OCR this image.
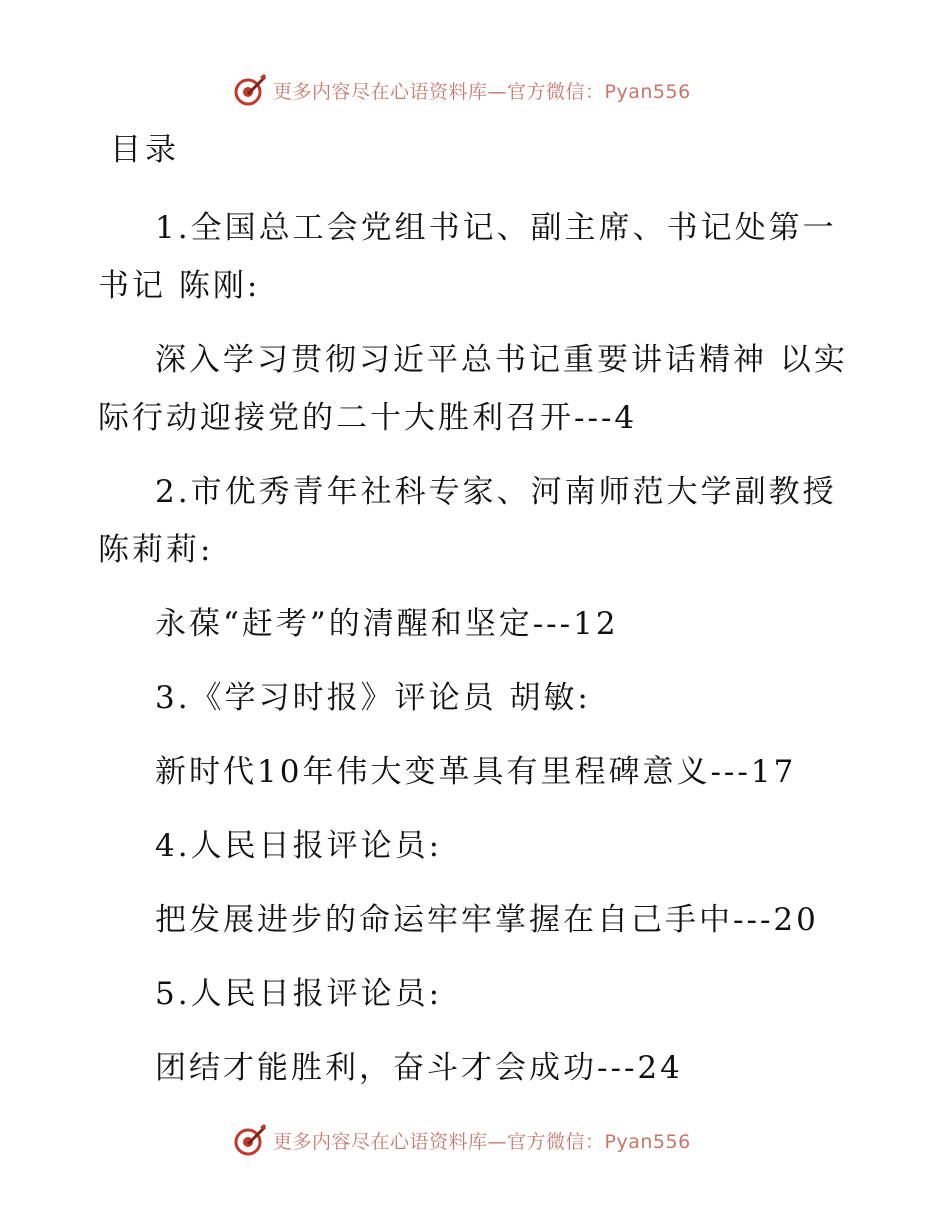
更多内容尽在心语资料库—官方微信：Pyan556
目录

1.全国总工会党组书记、副主席、书记处第一

书记 陈刚:

深入学习贯彻习近平总书记重要讲话精神 以实

际行动迎接党的二十大胜利召开---4

2.市优秀青年社科专家、河南师范大学副教授

陈莉莉:

永葆“赶考”的清醒和坚定---12

3.《学习时报》评论员 胡敏:

新时代10年伟大变革具有里程碑意义---17

4.人民日报评论员:

把发展进步的命运牢牢掌握在自己手中---20

5.人民日报评论员:

团结才能胜利，奋斗才会成功---24

更多内容尽在心语资料库—官方微信：Pyan556
